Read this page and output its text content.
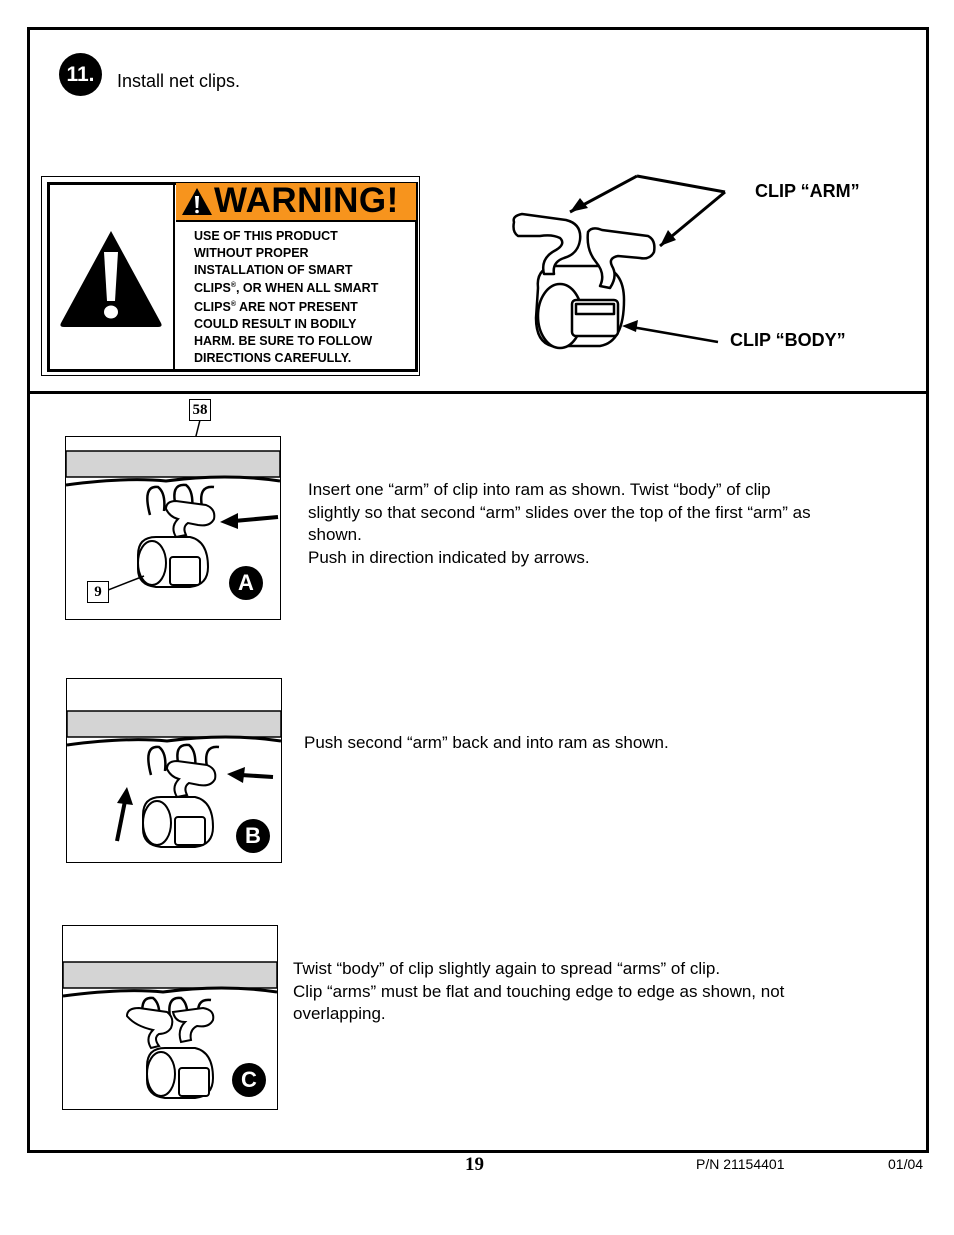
11.	Install net clips.
WARNING!
USE OF THIS PRODUCT
WITHOUT PROPER
INSTALLATION OF SMART
CLIPS®, OR WHEN ALL SMART
CLIPS® ARE NOT PRESENT
COULD RESULT IN BODILY
HARM. BE SURE TO FOLLOW
DIRECTIONS CAREFULLY.
CLIP “ARM”
CLIP “BODY”
58
A
9
Insert one “arm” of clip into ram as shown. Twist “body” of clip
slightly so that second “arm” slides over the top of the first “arm” as
shown.
Push in direction indicated by arrows.
B
Push second “arm” back and into ram as shown.
C
Twist “body” of clip slightly again to spread “arms” of clip.
Clip “arms” must be flat and touching edge to edge as shown, not
overlapping.
19	P/N 21154401	01/04
